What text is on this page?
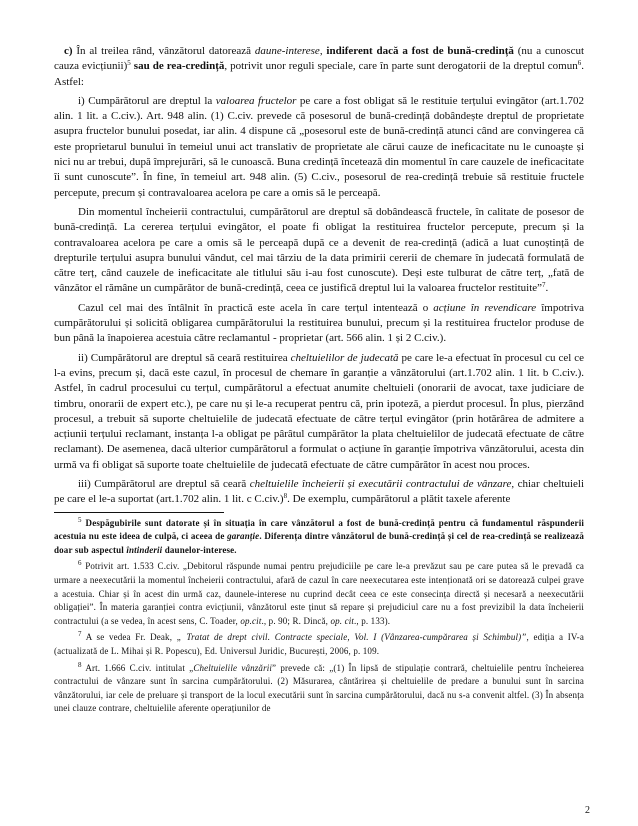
c) În al treilea rând, vânzătorul datorează daune-interese, indiferent dacă a fost de bună-credință (nu a cunoscut cauza evicțiunii)$^5$ sau de rea-credință, potrivit unor reguli speciale, care în parte sunt derogatorii de la dreptul comun$^6$. Astfel:

i) Cumpărătorul are dreptul la valoarea fructelor pe care a fost obligat să le restituie terțului evingător (art.1.702 alin. 1 lit. a C.civ.). Art. 948 alin. (1) C.civ. prevede că posesorul de bună-credință dobândește dreptul de proprietate asupra fructelor bunului posedat, iar alin. 4 dispune că „posesorul este de bună-credință atunci când are convingerea că este proprietarul bunului în temeiul unui act translativ de proprietate ale cărui cauze de ineficacitate nu le cunoaște și nici nu ar trebui, după împrejurări, să le cunoască. Buna credință încetează din momentul în care cauzele de ineficacitate îi sunt cunoscute”. În fine, în temeiul art. 948 alin. (5) C.civ., posesorul de rea-credință trebuie să restituie fructele percepute, precum și contravaloarea acelora pe care a omis să le perceapă.

Din momentul încheierii contractului, cumpărătorul are dreptul să dobândească fructele, în calitate de posesor de bună-credință. La cererea terțului evingător, el poate fi obligat la restituirea fructelor percepute, precum și la contravaloarea acelora pe care a omis să le perceapă după ce a devenit de rea-credință (adică a luat cunoștință de drepturile terțului asupra bunului vândut, cel mai târziu de la data primirii cererii de chemare în judecată formulată de către terț, când cauzele de ineficacitate ale titlului său i-au fost cunoscute). Deși este tulburat de către terț, „fată de vânzător el rămâne un cumpărător de bună-credință, ceea ce justifică dreptul lui la valoarea fructelor restituite”$^7$.

Cazul cel mai des întâlnit în practică este acela în care terțul intentează o acțiune în revendicare împotriva cumpărătorului și solicită obligarea cumpărătorului la restituirea bunului, precum și la restituirea fructelor produse de bun până la înapoierea acestuia către reclamantul - proprietar (art. 566 alin. 1 și 2 C.civ.).

ii) Cumpărătorul are dreptul să ceară restituirea cheltuielilor de judecată pe care le-a efectuat în procesul cu cel ce l-a evins, precum și, dacă este cazul, în procesul de chemare în garanție a vânzătorului (art.1.702 alin. 1 lit. b C.civ.). Astfel, în cadrul procesului cu terțul, cumpărătorul a efectuat anumite cheltuieli (onorarii de avocat, taxe judiciare de timbru, onorarii de expert etc.), pe care nu și le-a recuperat pentru că, prin ipoteză, a pierdut procesul. În plus, pierzând procesul, a trebuit să suporte cheltuielile de judecată efectuate de către terțul evingător (prin hotărârea de admitere a acțiunii terțului reclamant, instanța l-a obligat pe pârâtul cumpărător la plata cheltuielilor de judecată efectuate de către reclamant). De asemenea, dacă ulterior cumpărătorul a formulat o acțiune în garanție împotriva vânzătorului, acesta din urmă va fi obligat să suporte toate cheltuielile de judecată efectuate de către cumpărător în acest nou proces.

iii) Cumpărătorul are dreptul să ceară cheltuielile încheierii și executării contractului de vânzare, chiar cheltuieli pe care el le-a suportat (art.1.702 alin. 1 lit. c C.civ.)$^8$. De exemplu, cumpărătorul a plătit taxele aferente

$^5$ Despăgubirile sunt datorate și în situația în care vânzătorul a fost de bună-credință pentru că fundamentul răspunderii acestuia nu este ideea de culpă, ci aceea de garanție. Diferența dintre vânzătorul de bună-credință și cel de rea-credință se realizează doar sub aspectul întinderii daunelor-interese.

$^6$ Potrivit art. 1.533 C.civ. „Debitorul răspunde numai pentru prejudiciile pe care le-a prevăzut sau pe care putea să le prevadă ca urmare a neexecutării la momentul încheierii contractului, afară de cazul în care neexecutarea este intenționată ori se datorează culpei grave a acestuia. Chiar și în acest din urmă caz, daunele-interese nu cuprind decât ceea ce este consecința directă și necesară a neexecutării obligației”. În materia garanției contra evicțiunii, vânzătorul este ținut să repare și prejudiciul care nu a fost previzibil la data încheierii contractului (a se vedea, în acest sens, C. Toader, op.cit., p. 90; R. Dincă, op. cit., p. 133).

$^7$ A se vedea Fr. Deak, „ Tratat de drept civil. Contracte speciale, Vol. I (Vânzarea-cumpărarea și Schimbul)”, ediția a IV-a (actualizată de L. Mihai și R. Popescu), Ed. Universul Juridic, București, 2006, p. 109.

$^8$ Art. 1.666 C.civ. intitulat „Cheltuielile vânzării” prevede că: „(1) În lipsă de stipulație contrară, cheltuielile pentru încheierea contractului de vânzare sunt în sarcina cumpărătorului. (2) Măsurarea, cântărirea și cheltuielile de predare a bunului sunt în sarcina vânzătorului, iar cele de preluare și transport de la locul executării sunt în sarcina cumpărătorului, dacă nu s-a convenit altfel. (3) În absența unei clauze contrare, cheltuielile aferente operațiunilor de

2
